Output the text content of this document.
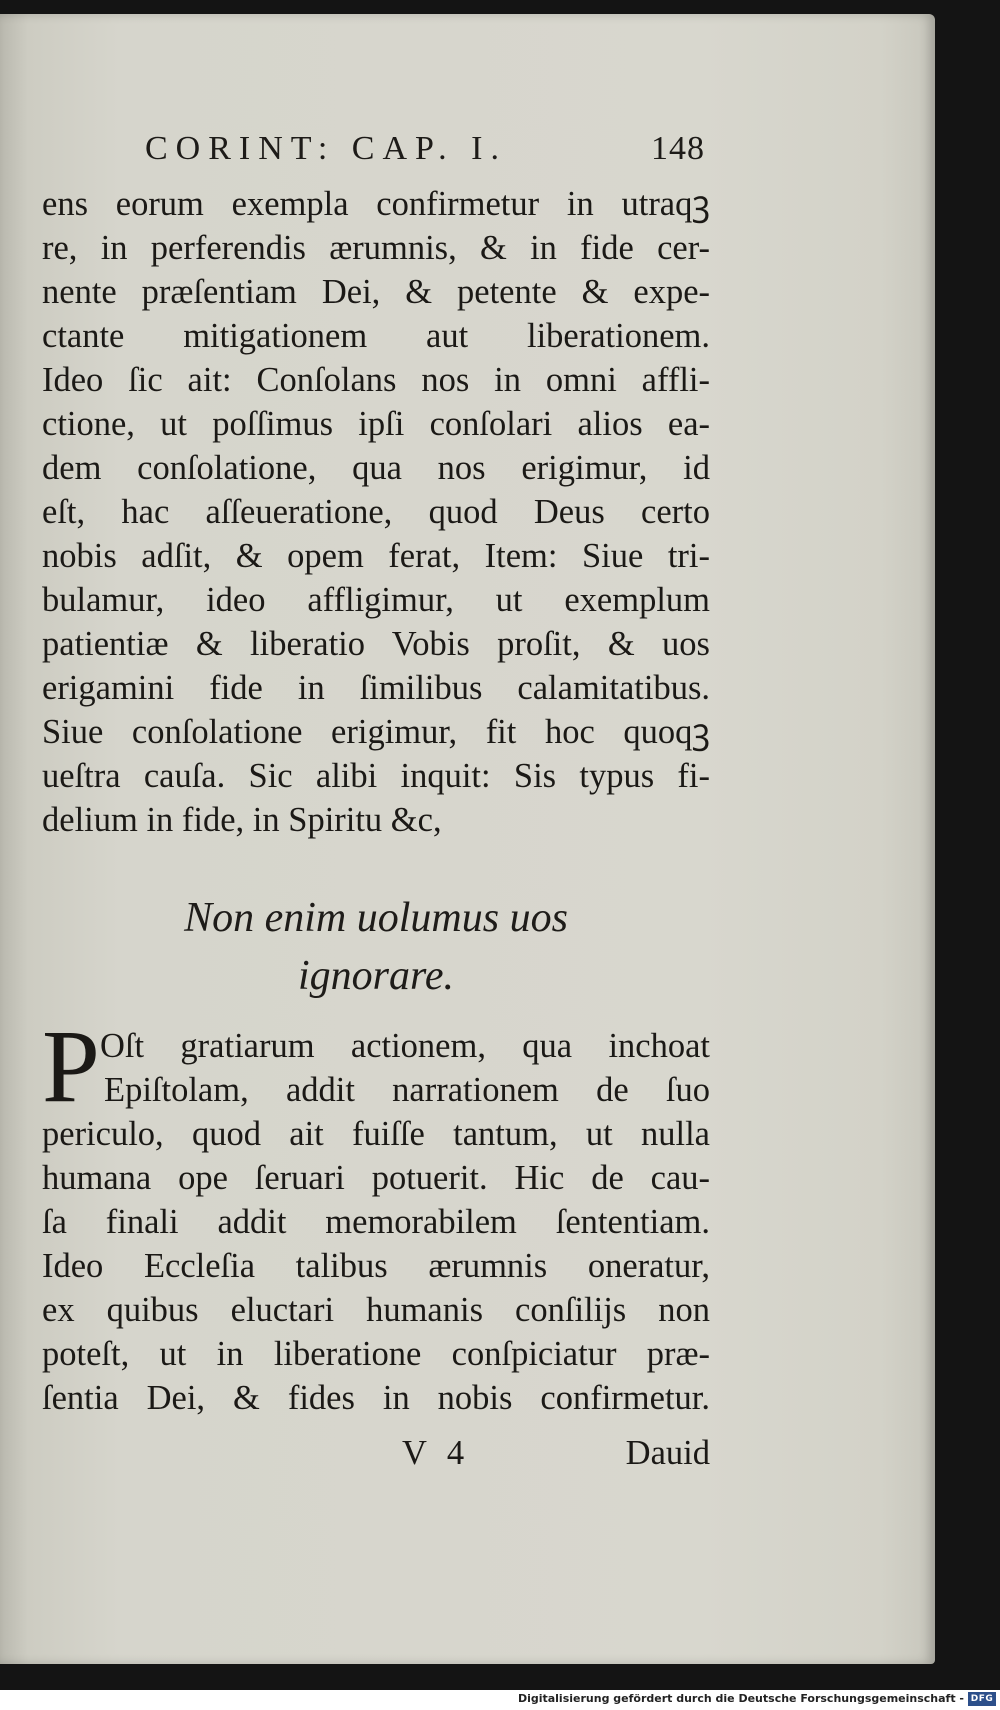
CORINT: CAP. I.	148
ens eorum exempla confirmetur in utraqꝫ
re, in perferendis ærumnis, & in fide cer-
nente præſentiam Dei, & petente & expe-
ctante mitigationem aut liberationem.
Ideo ſic ait: Conſolans nos in omni affli-
ctione, ut poſſimus ipſi conſolari alios ea-
dem conſolatione, qua nos erigimur, id
eſt, hac aſſeueratione, quod Deus certo
nobis adſit, & opem ferat, Item: Siue tri-
bulamur, ideo affligimur, ut exemplum
patientiæ & liberatio Vobis proſit, & uos
erigamini fide in ſimilibus calamitatibus.
Siue conſolatione erigimur, fit hoc quoqꝫ
ueſtra cauſa. Sic alibi inquit: Sis typus fi-
delium in fide, in Spiritu &c,
Non enim uolumus uos
ignorare.
P Oſt gratiarum actionem, qua inchoat
Epiſtolam, addit narrationem de ſuo
periculo, quod ait fuiſſe tantum, ut nulla
humana ope ſeruari potuerit. Hic de cau-
ſa finali addit memorabilem ſententiam.
Ideo Eccleſia talibus ærumnis oneratur,
ex quibus eluctari humanis conſilijs non
poteſt, ut in liberatione conſpiciatur præ-
ſentia Dei, & fides in nobis confirmetur.
V 4	Dauid
Digitalisierung gefördert durch die Deutsche Forschungsgemeinschaft - DFG
